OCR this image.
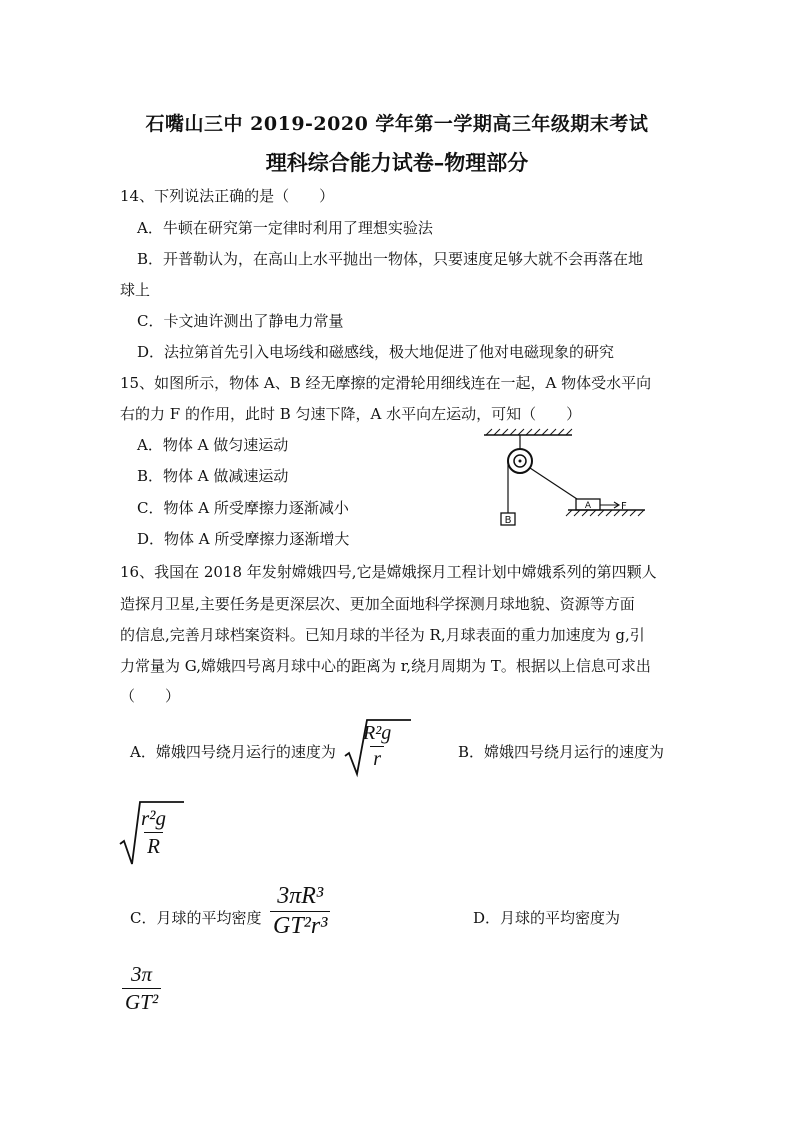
石嘴山三中 2019-2020 学年第一学期高三年级期末考试
理科综合能力试卷–物理部分
14、下列说法正确的是（　　）
A．牛顿在研究第一定律时利用了理想实验法
B．开普勒认为，在高山上水平抛出一物体，只要速度足够大就不会再落在地
球上
C．卡文迪许测出了静电力常量
D．法拉第首先引入电场线和磁感线，极大地促进了他对电磁现象的研究
15、如图所示，物体 A、B 经无摩擦的定滑轮用细线连在一起，A 物体受水平向
右的力 F 的作用，此时 B 匀速下降，A 水平向左运动，可知（　　）
A．物体 A 做匀速运动
B．物体 A 做减速运动
C．物体 A 所受摩擦力逐渐减小
D．物体 A 所受摩擦力逐渐增大
B
A	F
16、我国在 2018 年发射嫦娥四号,它是嫦娥探月工程计划中嫦娥系列的第四颗人
造探月卫星,主要任务是更深层次、更加全面地科学探测月球地貌、资源等方面
的信息,完善月球档案资料。已知月球的半径为 R,月球表面的重力加速度为 g,引
力常量为 G,嫦娥四号离月球中心的距离为 r,绕月周期为 T。根据以上信息可求出
（　　）
A．嫦娥四号绕月运行的速度为 $\frac{\text{R²g}}{r}$	B．嫦娥四号绕月运行的速度为
$\frac{\text{r²g}}{R}$
C．月球的平均密度 $\frac{\text{3πR³}}{\text{GT²r³}}$	D．月球的平均密度为
$\frac{3\pi}{\text{GT²}}$
